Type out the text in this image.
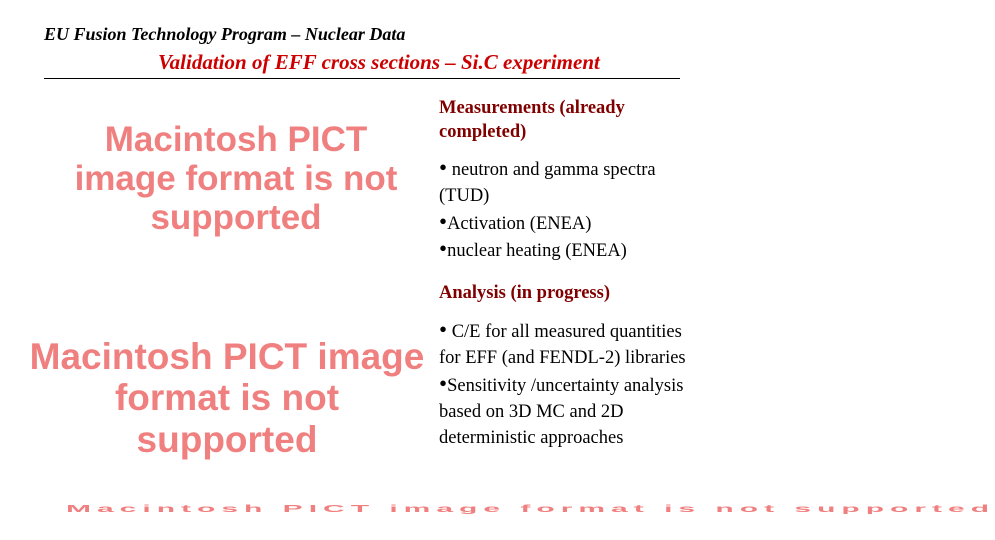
EU Fusion Technology Program – Nuclear Data
Validation of EFF cross sections – Si.C experiment
Macintosh PICT image format is not supported
Macintosh PICT image format is not supported
Macintosh PICT image format is not supported
Measurements (already completed)
• neutron and gamma spectra (TUD)
•Activation (ENEA)
•nuclear heating (ENEA)
Analysis (in progress)
• C/E for all measured quantities for EFF (and FENDL-2) libraries
•Sensitivity /uncertainty analysis based on 3D MC and 2D deterministic approaches
